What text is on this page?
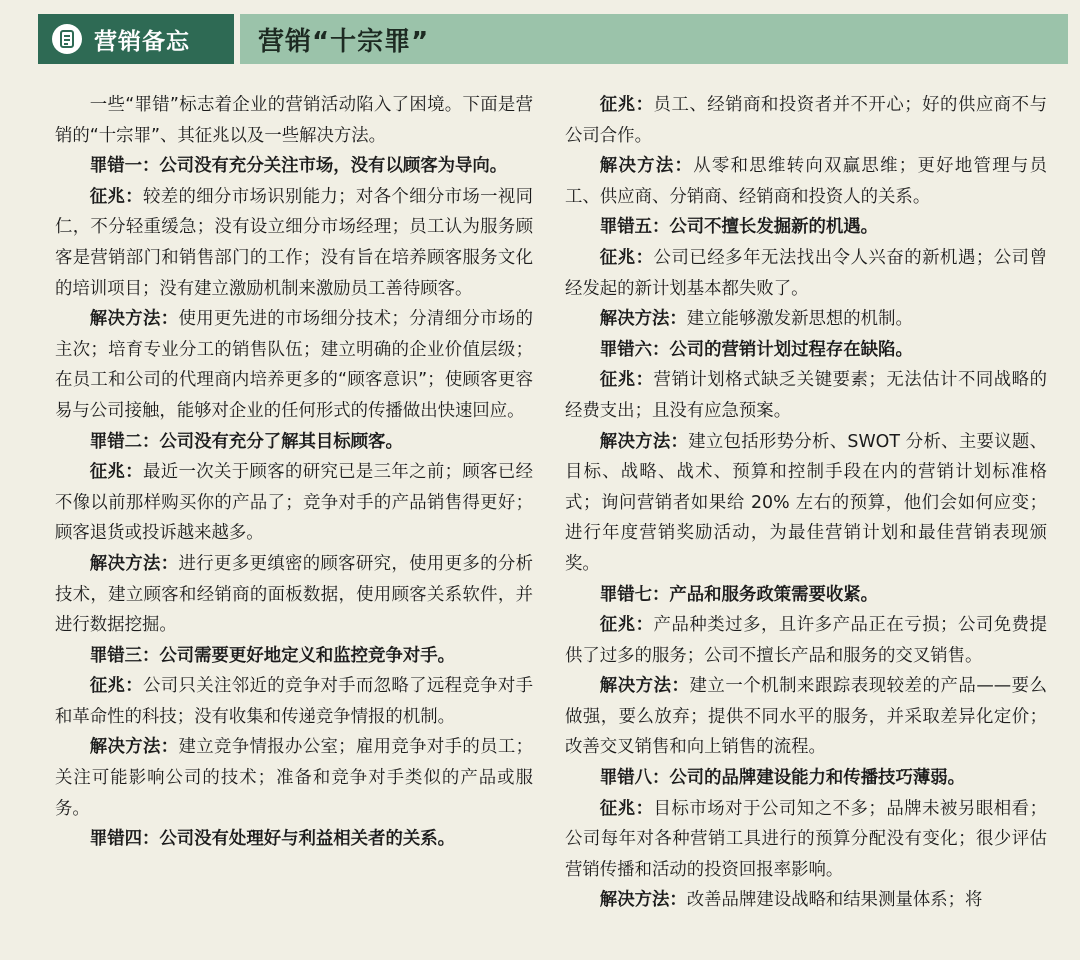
营销备忘	营销“十宗罪”

一些“罪错”标志着企业的营销活动陷入了困境。下面是营销的“十宗罪”、其征兆以及一些解决方法。

罪错一：公司没有充分关注市场，没有以顾客为导向。

征兆：较差的细分市场识别能力；对各个细分市场一视同仁，不分轻重缓急；没有设立细分市场经理；员工认为服务顾客是营销部门和销售部门的工作；没有旨在培养顾客服务文化的培训项目；没有建立激励机制来激励员工善待顾客。

解决方法：使用更先进的市场细分技术；分清细分市场的主次；培育专业分工的销售队伍；建立明确的企业价值层级；在员工和公司的代理商内培养更多的“顾客意识”；使顾客更容易与公司接触，能够对企业的任何形式的传播做出快速回应。

罪错二：公司没有充分了解其目标顾客。

征兆：最近一次关于顾客的研究已是三年之前；顾客已经不像以前那样购买你的产品了；竞争对手的产品销售得更好；顾客退货或投诉越来越多。

解决方法：进行更多更缜密的顾客研究，使用更多的分析技术，建立顾客和经销商的面板数据，使用顾客关系软件，并进行数据挖掘。

罪错三：公司需要更好地定义和监控竞争对手。

征兆：公司只关注邻近的竞争对手而忽略了远程竞争对手和革命性的科技；没有收集和传递竞争情报的机制。

解决方法：建立竞争情报办公室；雇用竞争对手的员工；关注可能影响公司的技术；准备和竞争对手类似的产品或服务。

罪错四：公司没有处理好与利益相关者的关系。

征兆：员工、经销商和投资者并不开心；好的供应商不与公司合作。

解决方法：从零和思维转向双赢思维；更好地管理与员工、供应商、分销商、经销商和投资人的关系。

罪错五：公司不擅长发掘新的机遇。

征兆：公司已经多年无法找出令人兴奋的新机遇；公司曾经发起的新计划基本都失败了。

解决方法：建立能够激发新思想的机制。

罪错六：公司的营销计划过程存在缺陷。

征兆：营销计划格式缺乏关键要素；无法估计不同战略的经费支出；且没有应急预案。

解决方法：建立包括形势分析、SWOT 分析、主要议题、目标、战略、战术、预算和控制手段在内的营销计划标准格式；询问营销者如果给 20% 左右的预算，他们会如何应变；进行年度营销奖励活动，为最佳营销计划和最佳营销表现颁奖。

罪错七：产品和服务政策需要收紧。

征兆：产品种类过多，且许多产品正在亏损；公司免费提供了过多的服务；公司不擅长产品和服务的交叉销售。

解决方法：建立一个机制来跟踪表现较差的产品——要么做强，要么放弃；提供不同水平的服务，并采取差异化定价；改善交叉销售和向上销售的流程。

罪错八：公司的品牌建设能力和传播技巧薄弱。

征兆：目标市场对于公司知之不多；品牌未被另眼相看；公司每年对各种营销工具进行的预算分配没有变化；很少评估营销传播和活动的投资回报率影响。

解决方法：改善品牌建设战略和结果测量体系；将
